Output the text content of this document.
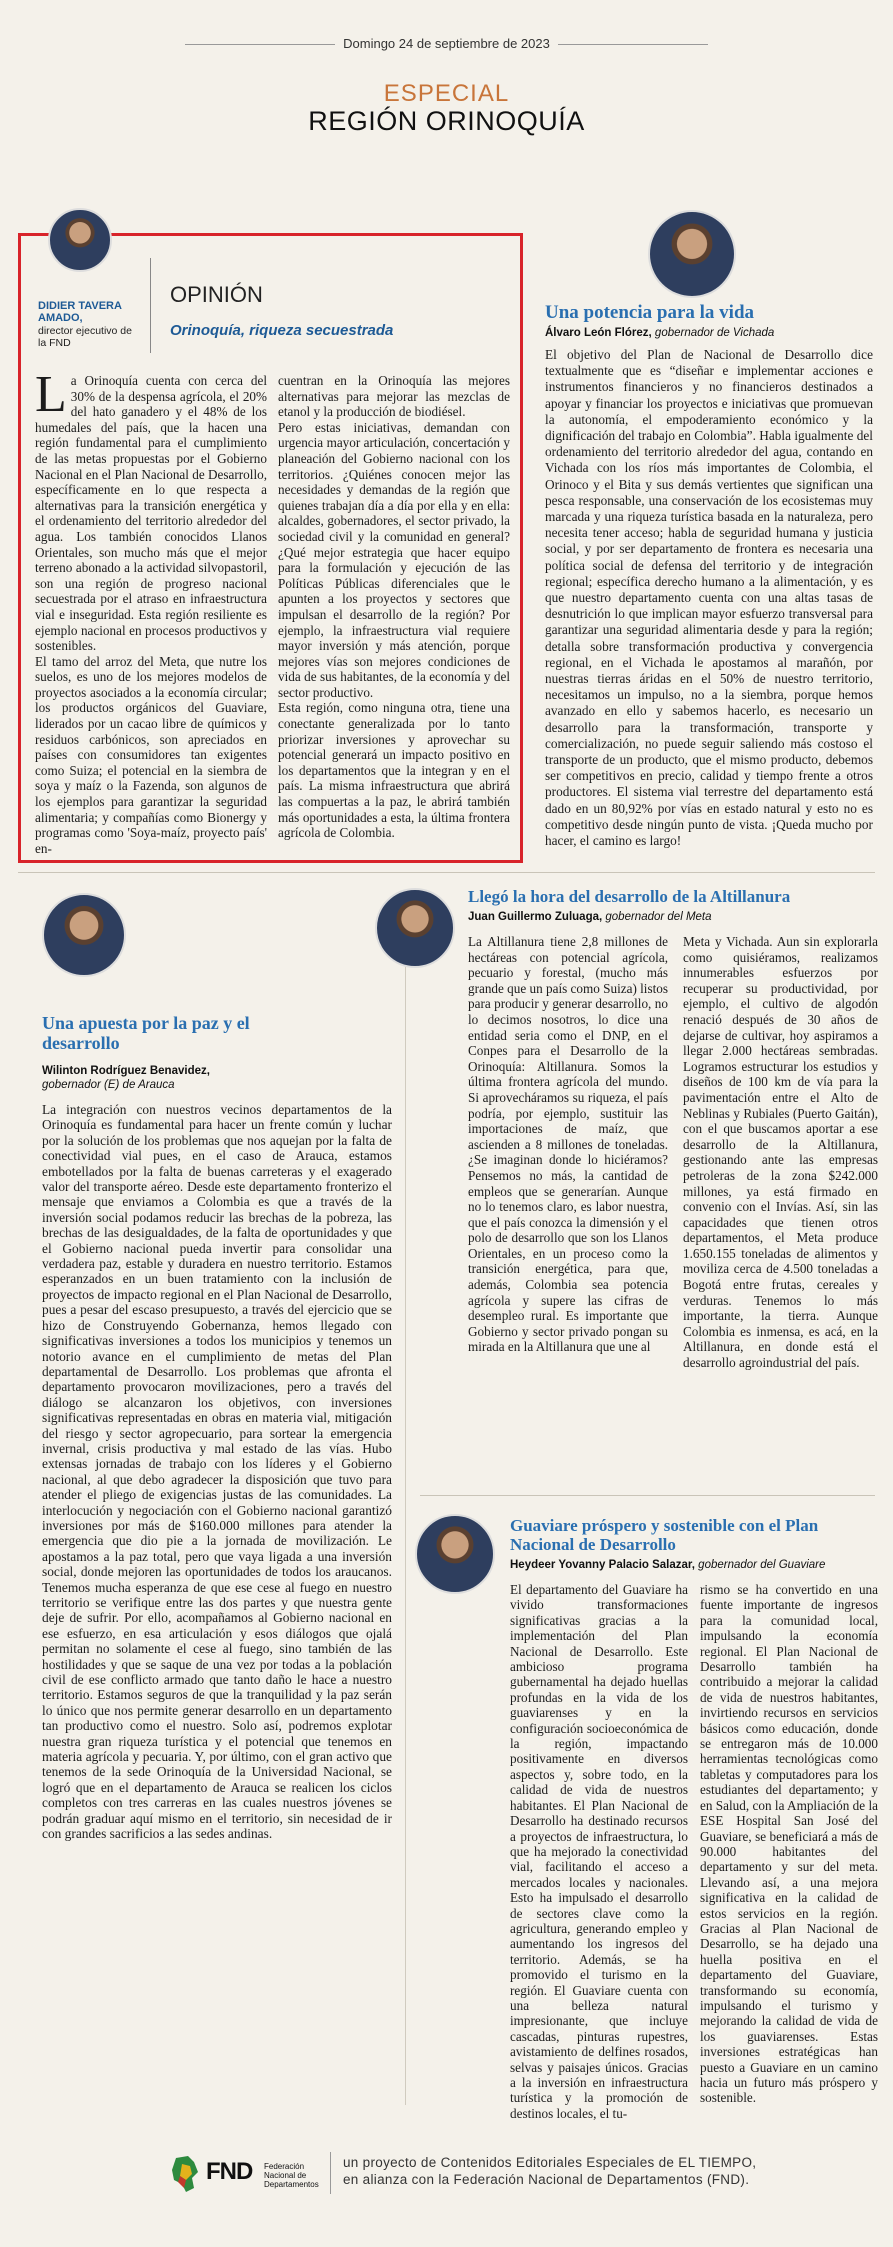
Domingo 24 de septiembre de 2023
ESPECIAL
REGIÓN ORINOQUÍA
DIDIER TAVERA AMADO,
director ejecutivo de la FND
OPINIÓN
Orinoquía, riqueza secuestrada
L a Orinoquía cuenta con cerca del 30% de la despensa agrícola, el 20% del hato ganadero y el 48% de los humedales del país, que la hacen una región fundamental para el cumplimiento de las metas propuestas por el Gobierno Nacional en el Plan Nacional de Desarrollo, específicamente en lo que respecta a alternativas para la transición energética y el ordenamiento del territorio alrededor del agua. Los también conocidos Llanos Orientales, son mucho más que el mejor terreno abonado a la actividad silvopastoril, son una región de progreso nacional secuestrada por el atraso en infraestructura vial e inseguridad. Esta región resiliente es ejemplo nacional en procesos productivos y sostenibles.

El tamo del arroz del Meta, que nutre los suelos, es uno de los mejores modelos de proyectos asociados a la economía circular; los productos orgánicos del Guaviare, liderados por un cacao libre de químicos y residuos carbónicos, son apreciados en países con consumidores tan exigentes como Suiza; el potencial en la siembra de soya y maíz o la Fazenda, son algunos de los ejemplos para garantizar la seguridad alimentaria; y compañías como Bionergy y programas como 'Soya-maíz, proyecto país' en-

cuentran en la Orinoquía las mejores alternativas para mejorar las mezclas de etanol y la producción de biodiésel.

Pero estas iniciativas, demandan con urgencia mayor articulación, concertación y planeación del Gobierno nacional con los territorios. ¿Quiénes conocen mejor las necesidades y demandas de la región que quienes trabajan día a día por ella y en ella: alcaldes, gobernadores, el sector privado, la sociedad civil y la comunidad en general? ¿Qué mejor estrategia que hacer equipo para la formulación y ejecución de las Políticas Públicas diferenciales que le apunten a los proyectos y sectores que impulsan el desarrollo de la región? Por ejemplo, la infraestructura vial requiere mayor inversión y más atención, porque mejores vías son mejores condiciones de vida de sus habitantes, de la economía y del sector productivo.

Esta región, como ninguna otra, tiene una conectante generalizada por lo tanto priorizar inversiones y aprovechar su potencial generará un impacto positivo en los departamentos que la integran y en el país. La misma infraestructura que abrirá las compuertas a la paz, le abrirá también más oportunidades a esta, la última frontera agrícola de Colombia.

Una potencia para la vida
Álvaro León Flórez, gobernador de Vichada

El objetivo del Plan de Nacional de Desarrollo dice textualmente que es “diseñar e implementar acciones e instrumentos financieros y no financieros destinados a apoyar y financiar los proyectos e iniciativas que promuevan la autonomía, el empoderamiento económico y la dignificación del trabajo en Colombia”. Habla igualmente del ordenamiento del territorio alrededor del agua, contando en Vichada con los ríos más importantes de Colombia, el Orinoco y el Bita y sus demás vertientes que significan una pesca responsable, una conservación de los ecosistemas muy marcada y una riqueza turística basada en la naturaleza, pero necesita tener acceso; habla de seguridad humana y justicia social, y por ser departamento de frontera es necesaria una política social de defensa del territorio y de integración regional; específica derecho humano a la alimentación, y es que nuestro departamento cuenta con una altas tasas de desnutrición lo que implican mayor esfuerzo transversal para garantizar una seguridad alimentaria desde y para la región; detalla sobre transformación productiva y convergencia regional, en el Vichada le apostamos al marañón, por nuestras tierras áridas en el 50% de nuestro territorio, necesitamos un impulso, no a la siembra, porque hemos avanzado en ello y sabemos hacerlo, es necesario un desarrollo para la transformación, transporte y comercialización, no puede seguir saliendo más costoso el transporte de un producto, que el mismo producto, debemos ser competitivos en precio, calidad y tiempo frente a otros productores. El sistema vial terrestre del departamento está dado en un 80,92% por vías en estado natural y esto no es competitivo desde ningún punto de vista. ¡Queda mucho por hacer, el camino es largo!

Una apuesta por la paz y el desarrollo
Wilinton Rodríguez Benavidez,
gobernador (E) de Arauca

La integración con nuestros vecinos departamentos de la Orinoquía es fundamental para hacer un frente común y luchar por la solución de los problemas que nos aquejan por la falta de conectividad vial pues, en el caso de Arauca, estamos embotellados por la falta de buenas carreteras y el exagerado valor del transporte aéreo. Desde este departamento fronterizo el mensaje que enviamos a Colombia es que a través de la inversión social podamos reducir las brechas de la pobreza, las brechas de las desigualdades, de la falta de oportunidades y que el Gobierno nacional pueda invertir para consolidar una verdadera paz, estable y duradera en nuestro territorio. Estamos esperanzados en un buen tratamiento con la inclusión de proyectos de impacto regional en el Plan Nacional de Desarrollo, pues a pesar del escaso presupuesto, a través del ejercicio que se hizo de Construyendo Gobernanza, hemos llegado con significativas inversiones a todos los municipios y tenemos un notorio avance en el cumplimiento de metas del Plan departamental de Desarrollo. Los problemas que afronta el departamento provocaron movilizaciones, pero a través del diálogo se alcanzaron los objetivos, con inversiones significativas representadas en obras en materia vial, mitigación del riesgo y sector agropecuario, para sortear la emergencia invernal, crisis productiva y mal estado de las vías. Hubo extensas jornadas de trabajo con los líderes y el Gobierno nacional, al que debo agradecer la disposición que tuvo para atender el pliego de exigencias justas de las comunidades. La interlocución y negociación con el Gobierno nacional garantizó inversiones por más de $160.000 millones para atender la emergencia que dio pie a la jornada de movilización. Le apostamos a la paz total, pero que vaya ligada a una inversión social, donde mejoren las oportunidades de todos los araucanos. Tenemos mucha esperanza de que ese cese al fuego en nuestro territorio se verifique entre las dos partes y que nuestra gente deje de sufrir. Por ello, acompañamos al Gobierno nacional en ese esfuerzo, en esa articulación y esos diálogos que ojalá permitan no solamente el cese al fuego, sino también de las hostilidades y que se saque de una vez por todas a la población civil de ese conflicto armado que tanto daño le hace a nuestro territorio. Estamos seguros de que la tranquilidad y la paz serán lo único que nos permite generar desarrollo en un departamento tan productivo como el nuestro. Solo así, podremos explotar nuestra gran riqueza turística y el potencial que tenemos en materia agrícola y pecuaria. Y, por último, con el gran activo que tenemos de la sede Orinoquía de la Universidad Nacional, se logró que en el departamento de Arauca se realicen los ciclos completos con tres carreras en las cuales nuestros jóvenes se podrán graduar aquí mismo en el territorio, sin necesidad de ir con grandes sacrificios a las sedes andinas.

Llegó la hora del desarrollo de la Altillanura
Juan Guillermo Zuluaga, gobernador del Meta

La Altillanura tiene 2,8 millones de hectáreas con potencial agrícola, pecuario y forestal, (mucho más grande que un país como Suiza) listos para producir y generar desarrollo, no lo decimos nosotros, lo dice una entidad seria como el DNP, en el Conpes para el Desarrollo de la Orinoquía: Altillanura. Somos la última frontera agrícola del mundo. Si aprovecháramos su riqueza, el país podría, por ejemplo, sustituir las importaciones de maíz, que ascienden a 8 millones de toneladas. ¿Se imaginan donde lo hiciéramos? Pensemos no más, la cantidad de empleos que se generarían. Aunque no lo tenemos claro, es labor nuestra, que el país conozca la dimensión y el polo de desarrollo que son los Llanos Orientales, en un proceso como la transición energética, para que, además, Colombia sea potencia agrícola y supere las cifras de desempleo rural. Es importante que Gobierno y sector privado pongan su mirada en la Altillanura que une al

Meta y Vichada. Aun sin explorarla como quisiéramos, realizamos innumerables esfuerzos por recuperar su productividad, por ejemplo, el cultivo de algodón renació después de 30 años de dejarse de cultivar, hoy aspiramos a llegar 2.000 hectáreas sembradas. Logramos estructurar los estudios y diseños de 100 km de vía para la pavimentación entre el Alto de Neblinas y Rubiales (Puerto Gaitán), con el que buscamos aportar a ese desarrollo de la Altillanura, gestionando ante las empresas petroleras de la zona $242.000 millones, ya está firmado en convenio con el Invías. Así, sin las capacidades que tienen otros departamentos, el Meta produce 1.650.155 toneladas de alimentos y moviliza cerca de 4.500 toneladas a Bogotá entre frutas, cereales y verduras. Tenemos lo más importante, la tierra. Aunque Colombia es inmensa, es acá, en la Altillanura, en donde está el desarrollo agroindustrial del país.

Guaviare próspero y sostenible con el Plan Nacional de Desarrollo
Heydeer Yovanny Palacio Salazar, gobernador del Guaviare

El departamento del Guaviare ha vivido transformaciones significativas gracias a la implementación del Plan Nacional de Desarrollo. Este ambicioso programa gubernamental ha dejado huellas profundas en la vida de los guaviarenses y en la configuración socioeconómica de la región, impactando positivamente en diversos aspectos y, sobre todo, en la calidad de vida de nuestros habitantes. El Plan Nacional de Desarrollo ha destinado recursos a proyectos de infraestructura, lo que ha mejorado la conectividad vial, facilitando el acceso a mercados locales y nacionales. Esto ha impulsado el desarrollo de sectores clave como la agricultura, generando empleo y aumentando los ingresos del territorio. Además, se ha promovido el turismo en la región. El Guaviare cuenta con una belleza natural impresionante, que incluye cascadas, pinturas rupestres, avistamiento de delfines rosados, selvas y paisajes únicos. Gracias a la inversión en infraestructura turística y la promoción de destinos locales, el tu-

rismo se ha convertido en una fuente importante de ingresos para la comunidad local, impulsando la economía regional. El Plan Nacional de Desarrollo también ha contribuido a mejorar la calidad de vida de nuestros habitantes, invirtiendo recursos en servicios básicos como educación, donde se entregaron más de 10.000 herramientas tecnológicas como tabletas y computadores para los estudiantes del departamento; y en Salud, con la Ampliación de la ESE Hospital San José del Guaviare, se beneficiará a más de 90.000 habitantes del departamento y sur del meta. Llevando así, a una mejora significativa en la calidad de estos servicios en la región. Gracias al Plan Nacional de Desarrollo, se ha dejado una huella positiva en el departamento del Guaviare, transformando su economía, impulsando el turismo y mejorando la calidad de vida de los guaviarenses. Estas inversiones estratégicas han puesto a Guaviare en un camino hacia un futuro más próspero y sostenible.

FND Federación Nacional de Departamentos
un proyecto de Contenidos Editoriales Especiales de EL TIEMPO,
en alianza con la Federación Nacional de Departamentos (FND).
